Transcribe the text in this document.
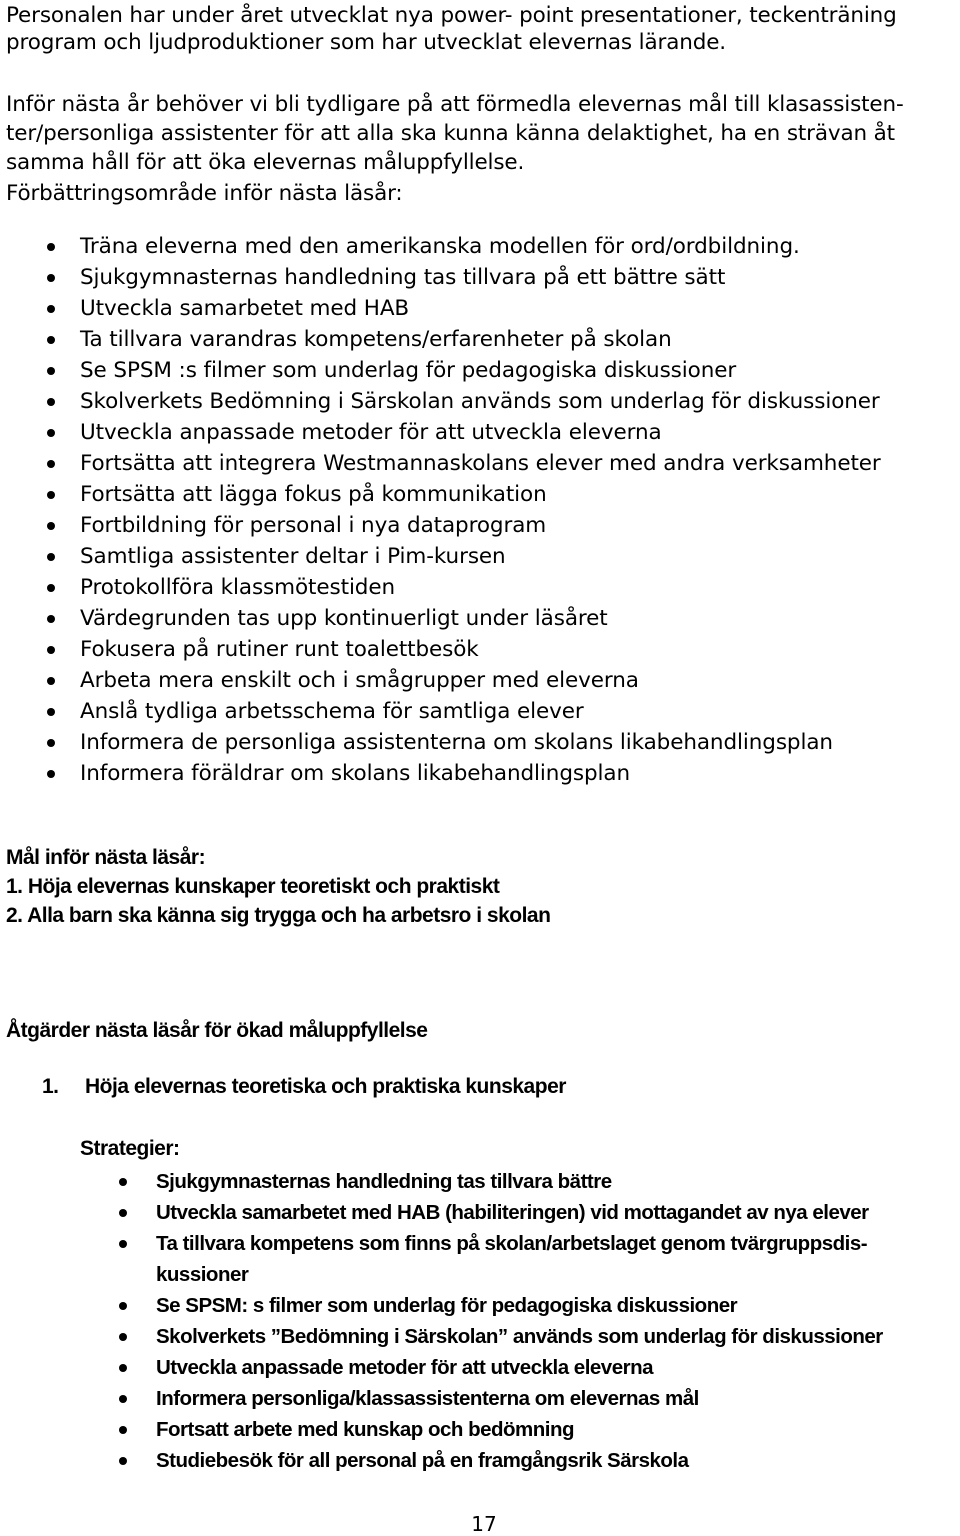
Personalen har under året utvecklat nya power- point presentationer, teckenträning

program och ljudproduktioner som har utvecklat elevernas lärande.

Inför nästa år behöver vi bli tydligare på att förmedla elevernas mål till klasassisten-

ter/personliga assistenter för att alla ska kunna känna delaktighet, ha en strävan åt

samma håll för att öka elevernas måluppfyllelse.

Förbättringsområde inför nästa läsår:

Träna eleverna med den amerikanska modellen för ord/ordbildning.
Sjukgymnasternas handledning tas tillvara på ett bättre sätt
Utveckla samarbetet med HAB
Ta tillvara varandras kompetens/erfarenheter på skolan
Se SPSM :s filmer som underlag för pedagogiska diskussioner
Skolverkets Bedömning i Särskolan används som underlag för diskussioner
Utveckla anpassade metoder för att utveckla eleverna
Fortsätta att integrera Westmannaskolans elever med andra verksamheter
Fortsätta att lägga fokus på kommunikation
Fortbildning för personal i nya dataprogram
Samtliga assistenter deltar i Pim-kursen
Protokollföra klassmötestiden
Värdegrunden tas upp kontinuerligt under läsåret
Fokusera på rutiner runt toalettbesök
Arbeta mera enskilt och i smågrupper med eleverna
Anslå tydliga arbetsschema för samtliga elever
Informera de personliga assistenterna om skolans likabehandlingsplan
Informera föräldrar om skolans likabehandlingsplan

Mål inför nästa läsår:

1. Höja elevernas kunskaper teoretiskt och praktiskt

2. Alla barn ska känna sig trygga och ha arbetsro i skolan

Åtgärder nästa läsår för ökad måluppfyllelse

1. Höja elevernas teoretiska och praktiska kunskaper

Strategier:

Sjukgymnasternas handledning tas tillvara bättre
Utveckla samarbetet med HAB (habiliteringen) vid mottagandet av nya elever
Ta tillvara kompetens som finns på skolan/arbetslaget genom tvärgruppsdis-kussioner
Se SPSM: s filmer som underlag för pedagogiska diskussioner
Skolverkets ”Bedömning i Särskolan” används som underlag för diskussioner
Utveckla anpassade metoder för att utveckla eleverna
Informera personliga/klassassistenterna om elevernas mål
Fortsatt arbete med kunskap och bedömning
Studiebesök för all personal på en framgångsrik Särskola
17
